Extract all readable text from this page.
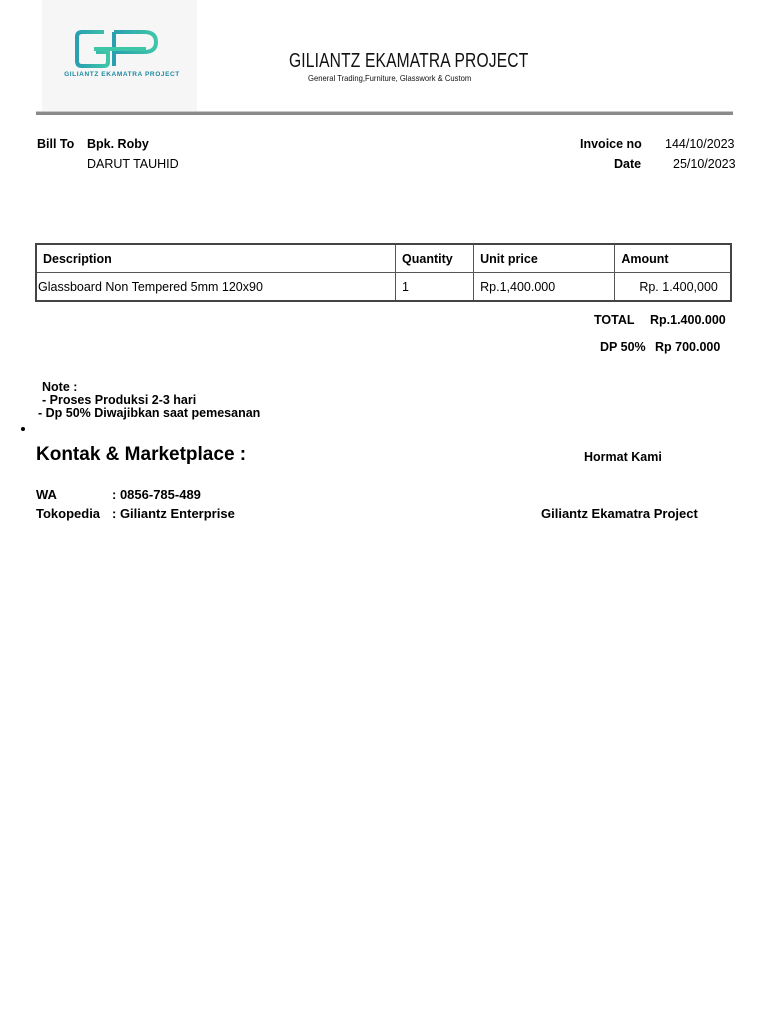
GILIANTZ EKAMATRA PROJECT
GILIANTZ EKAMATRA PROJECT
General Trading,Furniture, Glasswork & Custom
Bill To Bpk. Roby
DARUT TAUHID
Invoice no 144/10/2023
Date	25/10/2023
Description	Quantity	Unit price	Amount
Glassboard Non Tempered 5mm 120x90	1	Rp.1,400.000	Rp. 1.400,000
TOTAL Rp.1.400.000
DP 50% Rp 700.000
Note :
- Proses Produksi 2-3 hari
- Dp 50% Diwajibkan saat pemesanan
Kontak & Marketplace :
WA	: 0856-785-489
Tokopedia : Giliantz Enterprise
Hormat Kami
Giliantz Ekamatra Project
